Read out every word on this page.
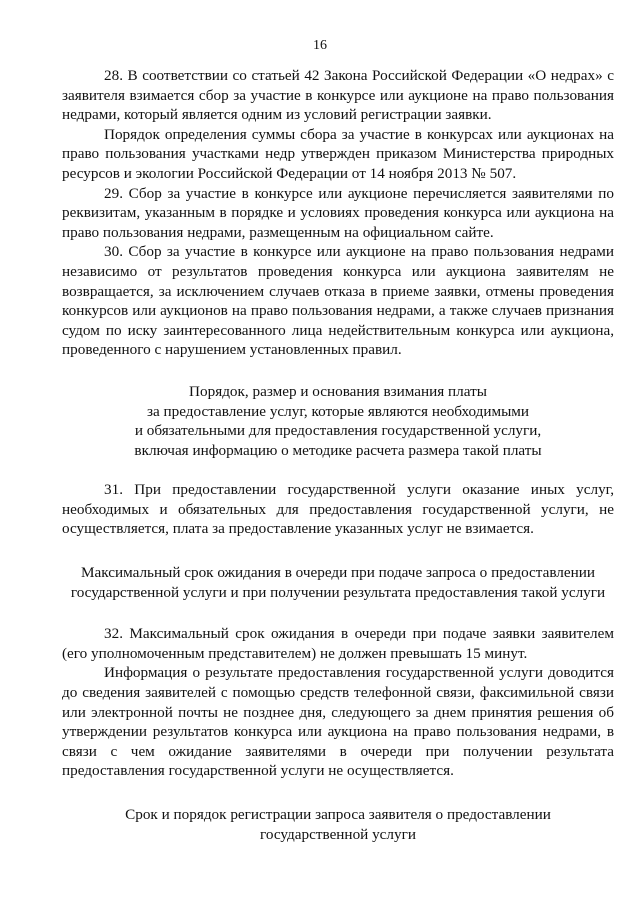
16

28. В соответствии со статьей 42 Закона Российской Федерации «О недрах» с заявителя взимается сбор за участие в конкурсе или аукционе на право пользования недрами, который является одним из условий регистрации заявки.

Порядок определения суммы сбора за участие в конкурсах или аукционах на право пользования участками недр утвержден приказом Министерства природных ресурсов и экологии Российской Федерации от 14 ноября 2013 № 507.

29. Сбор за участие в конкурсе или аукционе перечисляется заявителями по реквизитам, указанным в порядке и условиях проведения конкурса или аукциона на право пользования недрами, размещенным на официальном сайте.

30. Сбор за участие в конкурсе или аукционе на право пользования недрами независимо от результатов проведения конкурса или аукциона заявителям не возвращается, за исключением случаев отказа в приеме заявки, отмены проведения конкурсов или аукционов на право пользования недрами, а также случаев признания судом по иску заинтересованного лица недействительным конкурса или аукциона, проведенного с нарушением установленных правил.

Порядок, размер и основания взимания платы
за предоставление услуг, которые являются необходимыми
и обязательными для предоставления государственной услуги,
включая информацию о методике расчета размера такой платы

31. При предоставлении государственной услуги оказание иных услуг, необходимых и обязательных для предоставления государственной услуги, не осуществляется, плата за предоставление указанных услуг не взимается.

Максимальный срок ожидания в очереди при подаче запроса о предоставлении
государственной услуги и при получении результата предоставления такой услуги

32. Максимальный срок ожидания в очереди при подаче заявки заявителем (его уполномоченным представителем) не должен превышать 15 минут.

Информация о результате предоставления государственной услуги доводится до сведения заявителей с помощью средств телефонной связи, факсимильной связи или электронной почты не позднее дня, следующего за днем принятия решения об утверждении результатов конкурса или аукциона на право пользования недрами, в связи с чем ожидание заявителями в очереди при получении результата предоставления государственной услуги не осуществляется.

Срок и порядок регистрации запроса заявителя о предоставлении
государственной услуги
